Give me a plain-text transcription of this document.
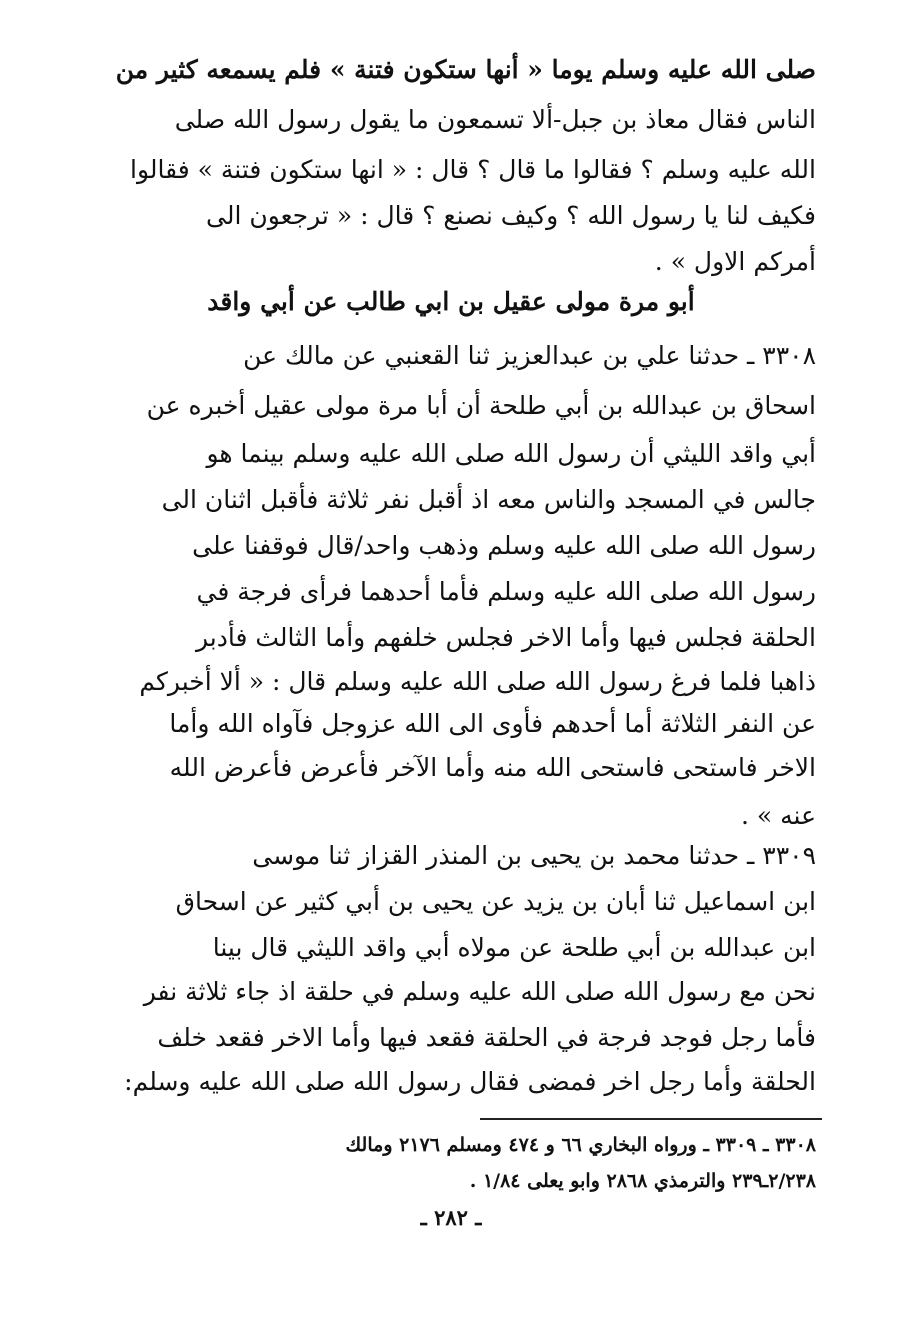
صلى الله عليه وسلم يوما « أنها ستكون فتنة » فلم يسمعه كثير من
الناس فقال معاذ بن جبل-ألا تسمعون ما يقول رسول الله صلى
الله عليه وسلم ؟ فقالوا ما قال ؟ قال : « انها ستكون فتنة » فقالوا
فكيف لنا يا رسول الله ؟ وكيف نصنع ؟ قال : « ترجعون الى
أمركم الاول » .
أبو مرة مولى عقيل بن ابي طالب عن أبي واقد
٣٣٠٨ ـ حدثنا علي بن عبدالعزيز ثنا القعنبي عن مالك عن
اسحاق بن عبدالله بن أبي طلحة أن أبا مرة مولى عقيل أخبره عن
أبي واقد الليثي أن رسول الله صلى الله عليه وسلم بينما هو
جالس في المسجد والناس معه اذ أقبل نفر ثلاثة فأقبل اثنان الى
رسول الله صلى الله عليه وسلم وذهب واحد/قال فوقفنا على
رسول الله صلى الله عليه وسلم فأما أحدهما فرأى فرجة في
الحلقة فجلس فيها وأما الاخر فجلس خلفهم وأما الثالث فأدبر
ذاهبا فلما فرغ رسول الله صلى الله عليه وسلم قال : « ألا أخبركم
عن النفر الثلاثة أما أحدهم فأوى الى الله عزوجل فآواه الله وأما
الاخر فاستحى فاستحى الله منه وأما الآخر فأعرض فأعرض الله
عنه » .
٣٣٠٩ ـ حدثنا محمد بن يحيى بن المنذر القزاز ثنا موسى
ابن اسماعيل ثنا أبان بن يزيد عن يحيى بن أبي كثير عن اسحاق
ابن عبدالله بن أبي طلحة عن مولاه أبي واقد الليثي قال بينا
نحن مع رسول الله صلى الله عليه وسلم في حلقة اذ جاء ثلاثة نفر
فأما رجل فوجد فرجة في الحلقة فقعد فيها وأما الاخر فقعد خلف
الحلقة وأما رجل اخر فمضى فقال رسول الله صلى الله عليه وسلم:
٣٣٠٨ ـ ٣٣٠٩ ـ ورواه البخاري ٦٦ و ٤٧٤ ومسلم ٢١٧٦ ومالك
٢/٢٣٨ـ٢٣٩ والترمذي ٢٨٦٨ وابو يعلى ١/٨٤ .
ـ ٢٨٢ ـ
